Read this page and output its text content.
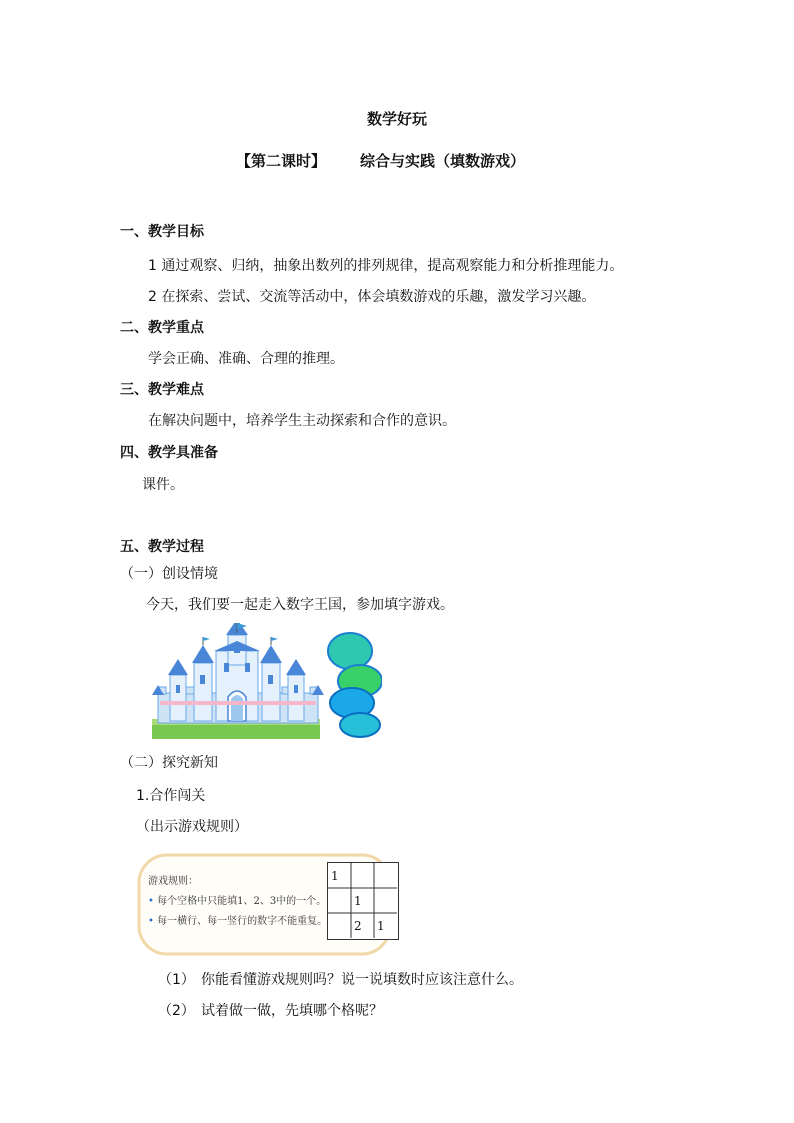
数学好玩
【第二课时】 综合与实践（填数游戏）
一、教学目标
1 通过观察、归纳，抽象出数列的排列规律，提高观察能力和分析推理能力。
2 在探索、尝试、交流等活动中，体会填数游戏的乐趣，激发学习兴趣。
二、教学重点
学会正确、准确、合理的推理。
三、教学难点
在解决问题中，培养学生主动探索和合作的意识。
四、教学具准备
课件。
五、教学过程
（一）创设情境
今天，我们要一起走入数字王国，参加填字游戏。
（二）探究新知
1.合作闯关
（出示游戏规则）
游戏规则：
• 每个空格中只能填1、2、3中的一个。
• 每一横行、每一竖行的数字不能重复。
1
1
2	1
（1） 你能看懂游戏规则吗？说一说填数时应该注意什么。
（2） 试着做一做，先填哪个格呢？
